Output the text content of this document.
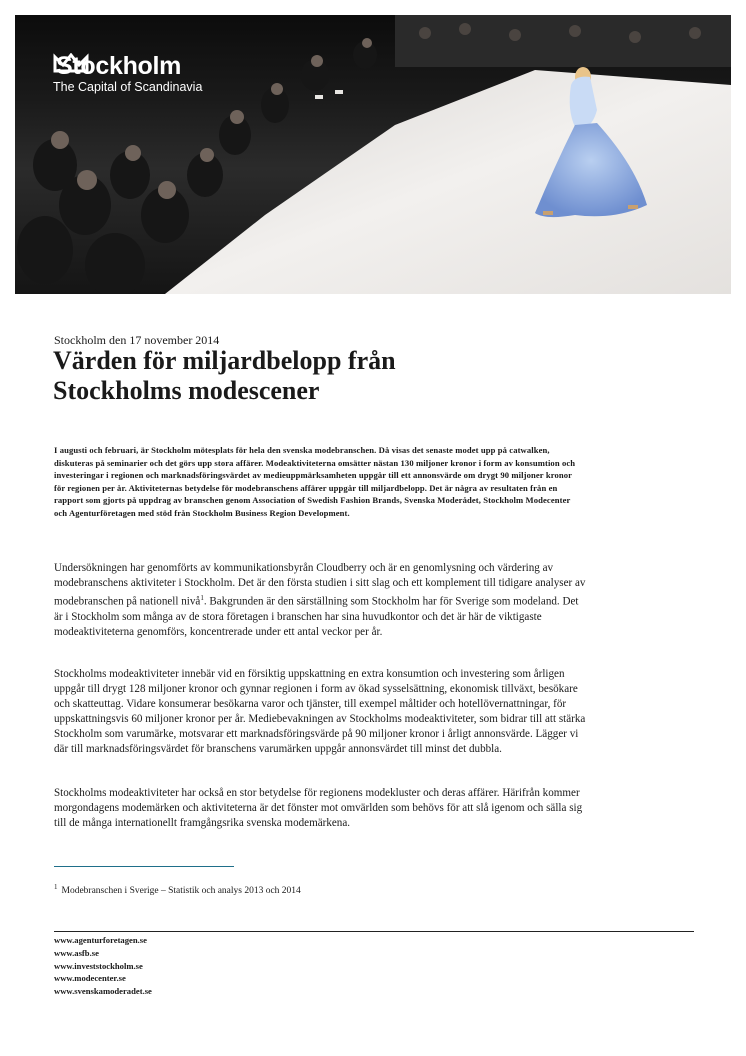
Stockholm
The Capital of Scandinavia
Stockholm den 17 november 2014
Värden för miljardbelopp från
Stockholms modescener

I augusti och februari, är Stockholm mötesplats för hela den svenska modebranschen. Då visas det senaste modet upp på catwalken, diskuteras på seminarier och det görs upp stora affärer. Modeaktiviteterna omsätter nästan 130 miljoner kronor i form av konsumtion och investeringar i regionen och marknadsföringsvärdet av medieuppmärksamheten uppgår till ett annonsvärde om drygt 90 miljoner kronor för regionen per år. Aktiviteternas betydelse för modebranschens affärer uppgår till miljardbelopp. Det är några av resultaten från en rapport som gjorts på uppdrag av branschen genom Association of Swedish Fashion Brands, Svenska Moderådet, Stockholm Modecenter och Agenturföretagen med stöd från Stockholm Business Region Development.

Undersökningen har genomförts av kommunikationsbyrån Cloudberry och är en genomlysning och värdering av modebranschens aktiviteter i Stockholm. Det är den första studien i sitt slag och ett komplement till tidigare analyser av modebranschen på nationell nivå$^1$. Bakgrunden är den särställning som Stockholm har för Sverige som modeland. Det är i Stockholm som många av de stora företagen i branschen har sina huvudkontor och det är här de viktigaste modeaktiviteterna genomförs, koncentrerade under ett antal veckor per år.

Stockholms modeaktiviteter innebär vid en försiktig uppskattning en extra konsumtion och investering som årligen uppgår till drygt 128 miljoner kronor och gynnar regionen i form av ökad sysselsättning, ekonomisk tillväxt, besökare och skatteuttag. Vidare konsumerar besökarna varor och tjänster, till exempel måltider och hotellövernattningar, för uppskattningsvis 60 miljoner kronor per år. Mediebevakningen av Stockholms modeaktiviteter, som bidrar till att stärka Stockholm som varumärke, motsvarar ett marknadsföringsvärde på 90 miljoner kronor i årligt annonsvärde. Lägger vi där till marknadsföringsvärdet för branschens varumärken uppgår annonsvärdet till minst det dubbla.

Stockholms modeaktiviteter har också en stor betydelse för regionens modekluster och deras affärer. Härifrån kommer morgondagens modemärken och aktiviteterna är det fönster mot omvärlden som behövs för att slå igenom och sälla sig till de många internationellt framgångsrika svenska modemärkena.

$^1$ Modebranschen i Sverige – Statistik och analys 2013 och 2014
www.agenturforetagen.se
www.asfb.se
www.investstockholm.se
www.modecenter.se
www.svenskamoderadet.se
